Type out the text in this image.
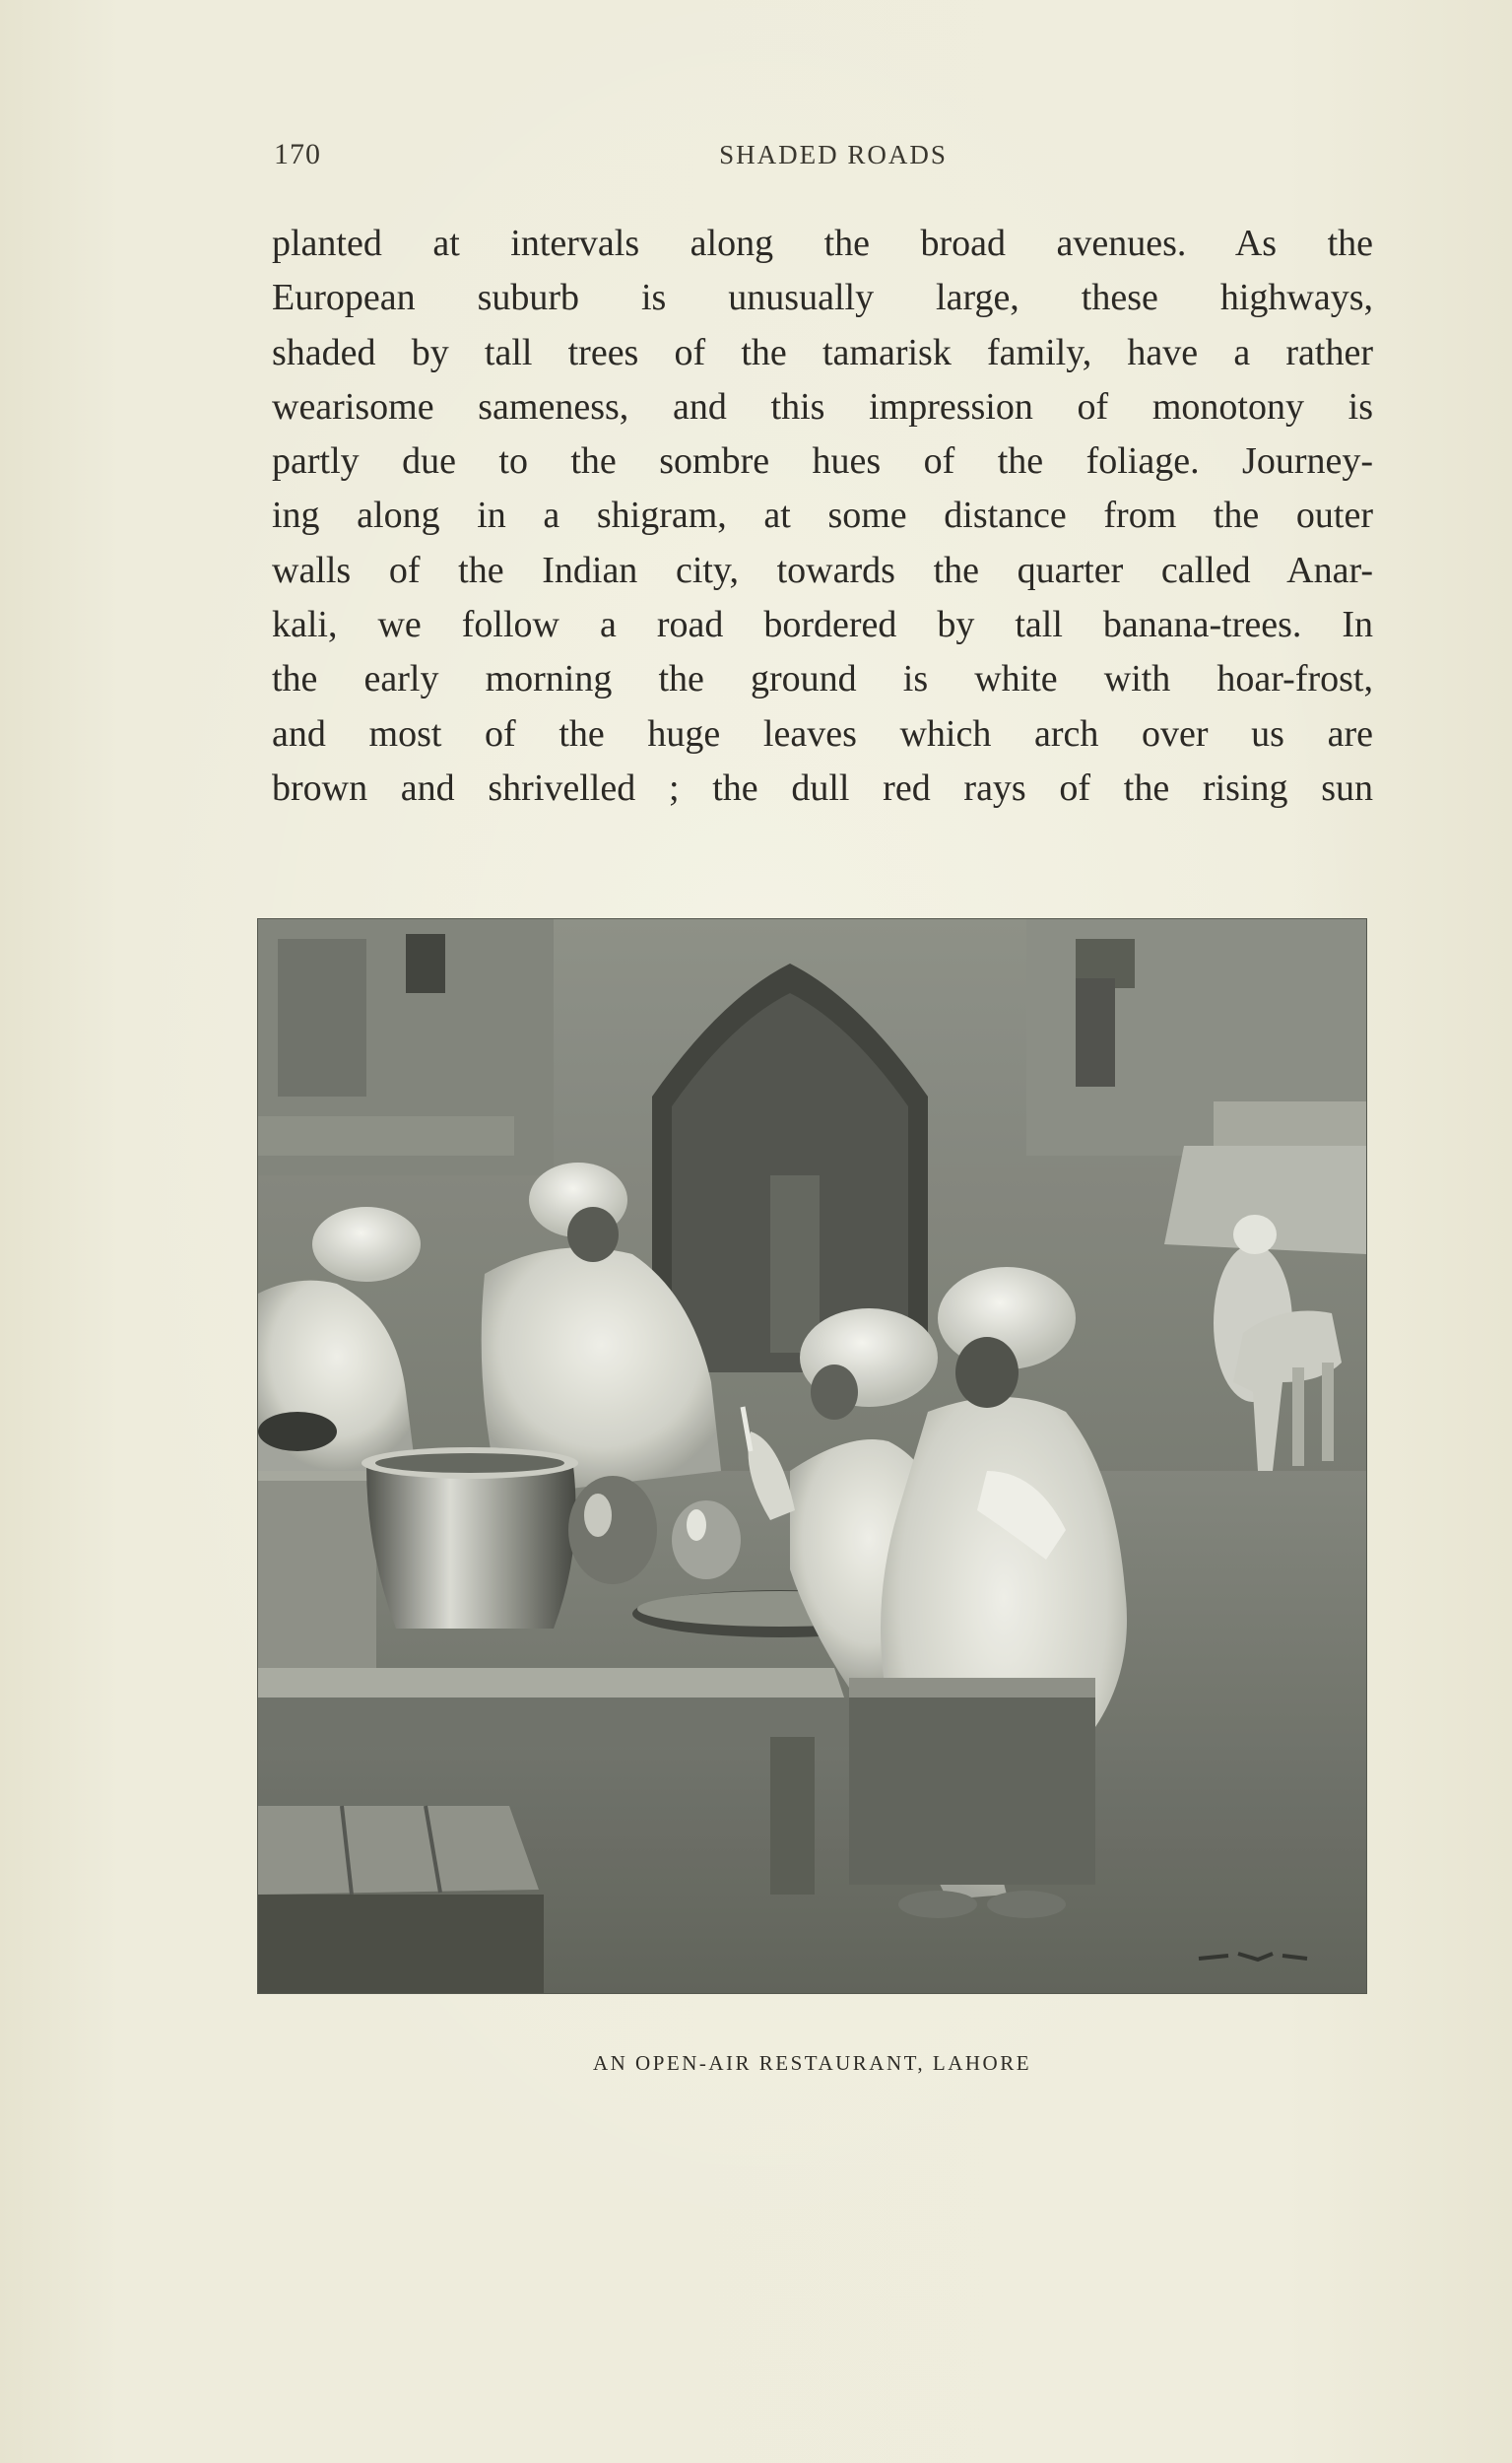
170	SHADED ROADS
planted at intervals along the broad avenues. As the
European suburb is unusually large, these highways,
shaded by tall trees of the tamarisk family, have a rather
wearisome sameness, and this impression of monotony is
partly due to the sombre hues of the foliage. Journey-
ing along in a shigram, at some distance from the outer
walls of the Indian city, towards the quarter called Anar-
kali, we follow a road bordered by tall banana-trees. In
the early morning the ground is white with hoar-frost,
and most of the huge leaves which arch over us are
brown and shrivelled ; the dull red rays of the rising sun
AN OPEN-AIR RESTAURANT, LAHORE
